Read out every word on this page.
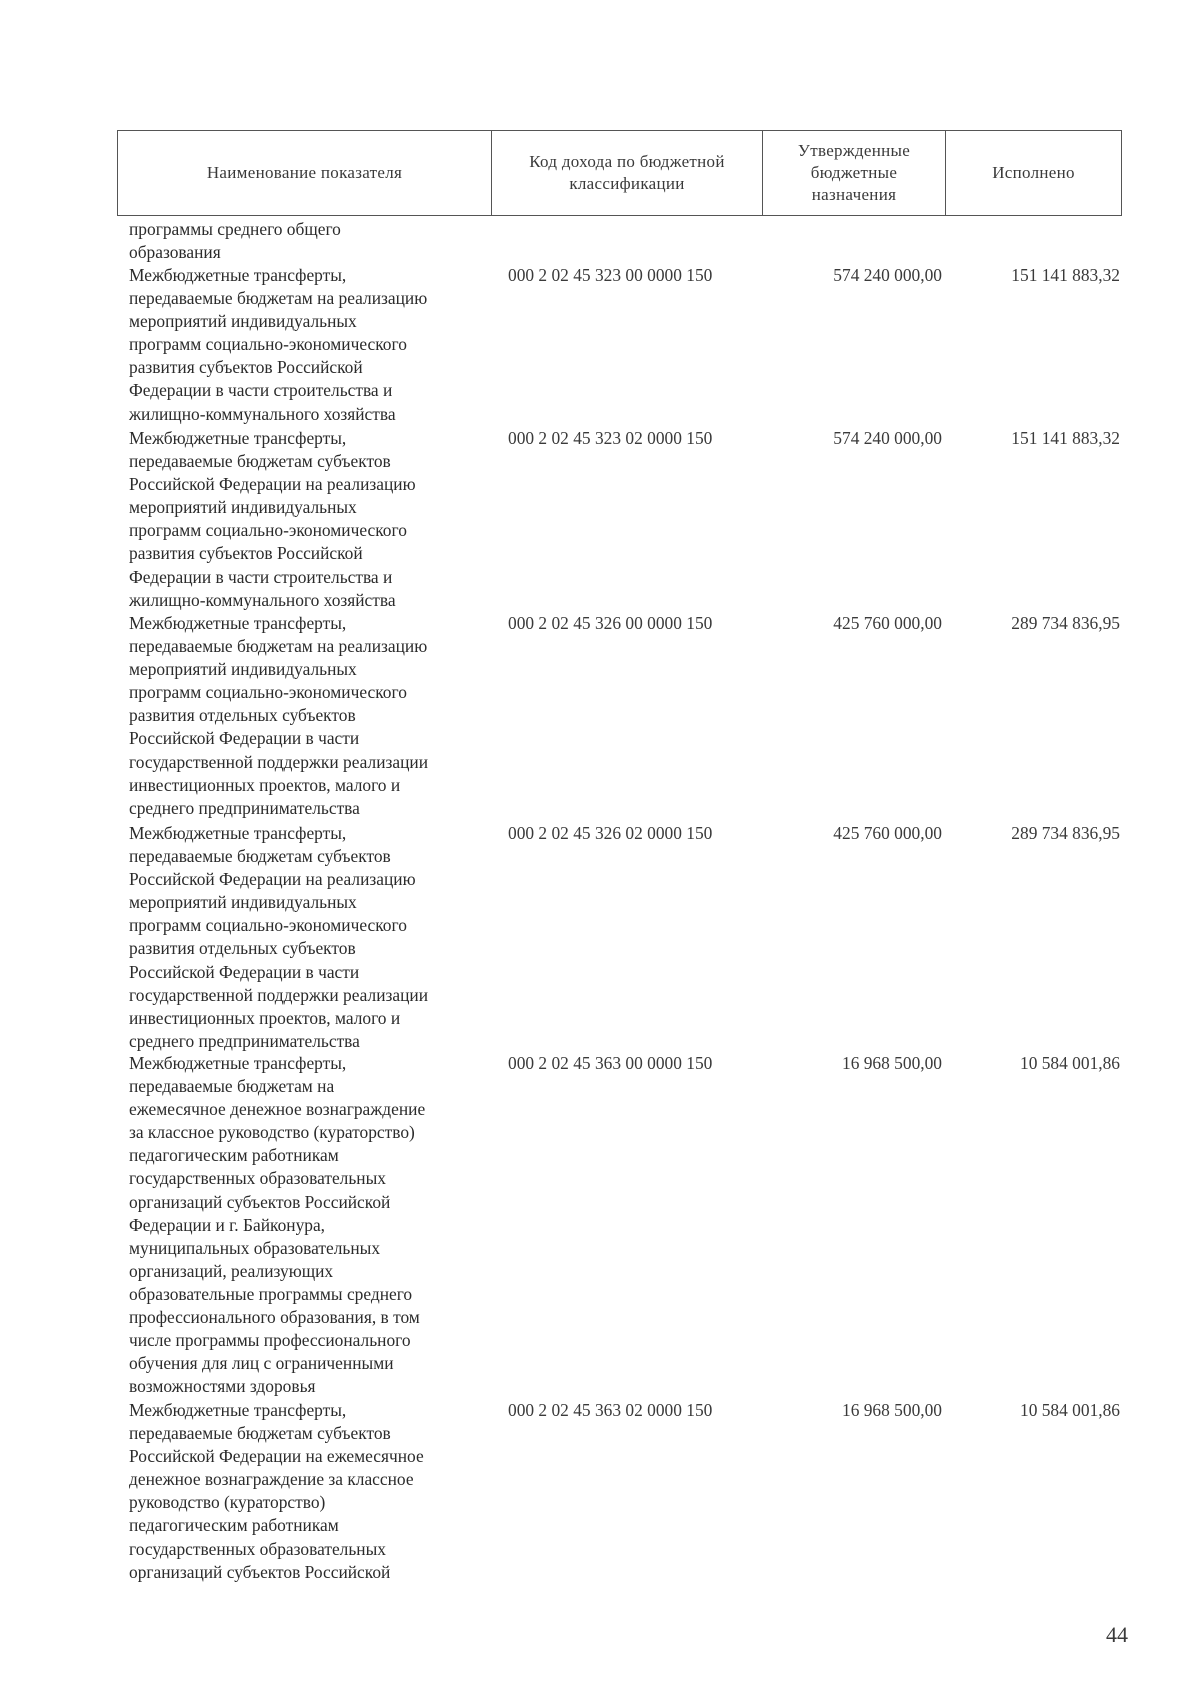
Наименование показателя	Код дохода по бюджетной классификации	Утвержденные бюджетные назначения	Исполнено
программы среднего общего
образования
Межбюджетные трансферты,
передаваемые бюджетам на реализацию
мероприятий индивидуальных
программ социально-экономического
развития субъектов Российской
Федерации в части строительства и
жилищно-коммунального хозяйства
000 2 02 45 323 00 0000 150	574 240 000,00	151 141 883,32
Межбюджетные трансферты,
передаваемые бюджетам субъектов
Российской Федерации на реализацию
мероприятий индивидуальных
программ социально-экономического
развития субъектов Российской
Федерации в части строительства и
жилищно-коммунального хозяйства
000 2 02 45 323 02 0000 150	574 240 000,00	151 141 883,32
Межбюджетные трансферты,
передаваемые бюджетам на реализацию
мероприятий индивидуальных
программ социально-экономического
развития отдельных субъектов
Российской Федерации в части
государственной поддержки реализации
инвестиционных проектов, малого и
среднего предпринимательства
000 2 02 45 326 00 0000 150	425 760 000,00	289 734 836,95
Межбюджетные трансферты,
передаваемые бюджетам субъектов
Российской Федерации на реализацию
мероприятий индивидуальных
программ социально-экономического
развития отдельных субъектов
Российской Федерации в части
государственной поддержки реализации
инвестиционных проектов, малого и
среднего предпринимательства
000 2 02 45 326 02 0000 150	425 760 000,00	289 734 836,95
Межбюджетные трансферты,
передаваемые бюджетам на
ежемесячное денежное вознаграждение
за классное руководство (кураторство)
педагогическим работникам
государственных образовательных
организаций субъектов Российской
Федерации и г. Байконура,
муниципальных образовательных
организаций, реализующих
образовательные программы среднего
профессионального образования, в том
числе программы профессионального
обучения для лиц с ограниченными
возможностями здоровья
000 2 02 45 363 00 0000 150	16 968 500,00	10 584 001,86
Межбюджетные трансферты,
передаваемые бюджетам субъектов
Российской Федерации на ежемесячное
денежное вознаграждение за классное
руководство (кураторство)
педагогическим работникам
государственных образовательных
организаций субъектов Российской
000 2 02 45 363 02 0000 150	16 968 500,00	10 584 001,86
44
